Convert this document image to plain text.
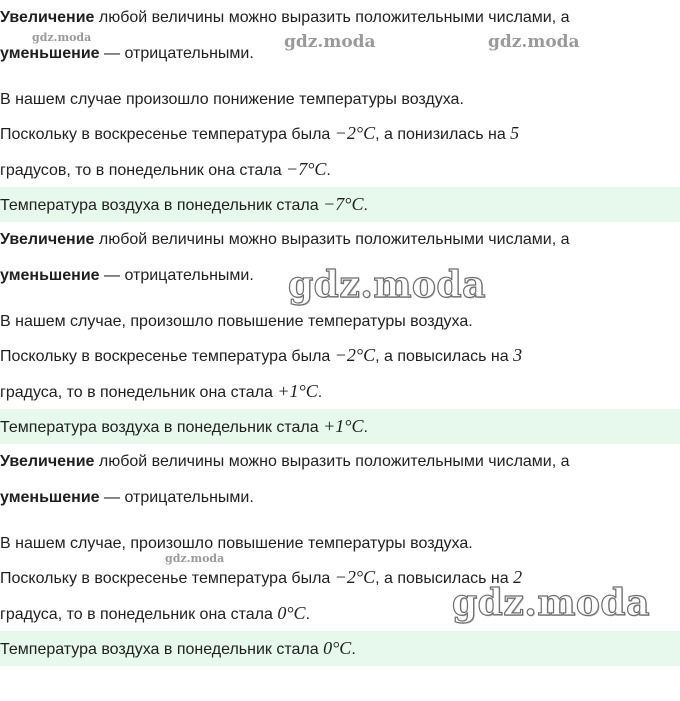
Увеличение любой величины можно выразить положительными числами, а
уменьшение — отрицательными.
В нашем случае произошло понижение температуры воздуха.
Поскольку в воскресенье температура была −2°C, а понизилась на 5
градусов, то в понедельник она стала −7°C.
Температура воздуха в понедельник стала −7°C.
Увеличение любой величины можно выразить положительными числами, а
уменьшение — отрицательными.
В нашем случае, произошло повышение температуры воздуха.
Поскольку в воскресенье температура была −2°C, а повысилась на 3
градуса, то в понедельник она стала +1°C.
Температура воздуха в понедельник стала +1°C.
Увеличение любой величины можно выразить положительными числами, а
уменьшение — отрицательными.
В нашем случае, произошло повышение температуры воздуха.
Поскольку в воскресенье температура была −2°C, а повысилась на 2
градуса, то в понедельник она стала 0°C.
Температура воздуха в понедельник стала 0°C.
gdz.moda	gdz.moda	gdz.moda
gdz.moda
gdz.moda
gdz.moda
